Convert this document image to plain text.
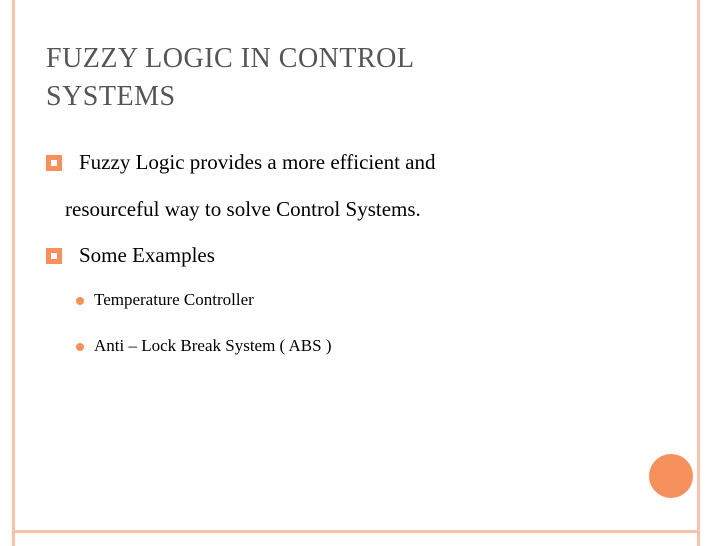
FUZZY LOGIC IN CONTROL
SYSTEMS
Fuzzy Logic provides a more efficient and
resourceful way to solve Control Systems.
Some Examples
Temperature Controller
Anti – Lock Break System ( ABS )
